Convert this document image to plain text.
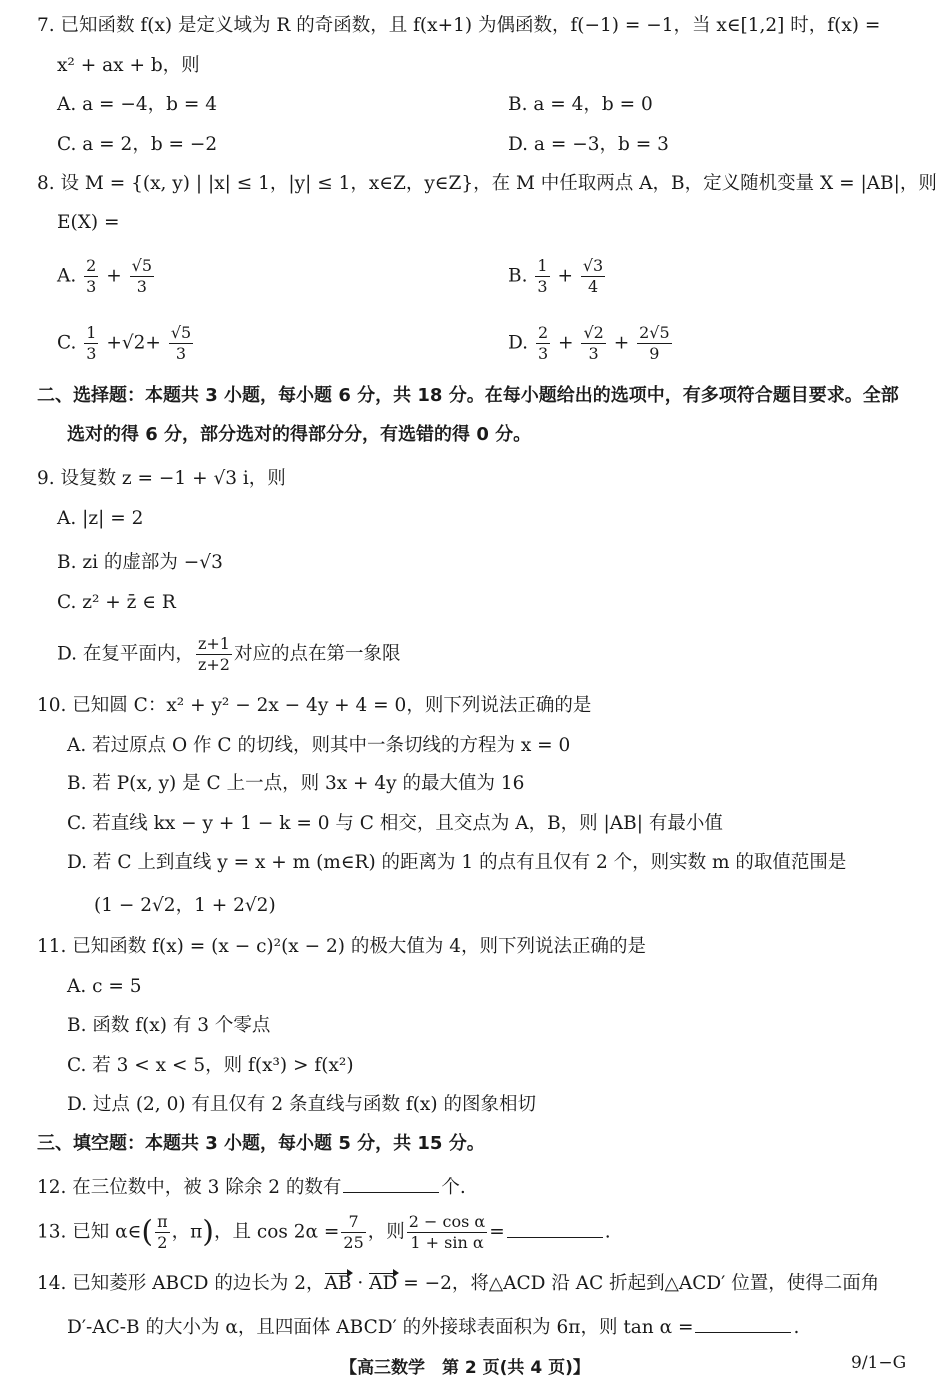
7. 已知函数 f(x) 是定义域为 R 的奇函数，且 f(x+1) 为偶函数，f(−1) = −1，当 x∈[1,2] 时，f(x) =
x² + ax + b，则
A. a = −4，b = 4	B. a = 4，b = 0
C. a = 2，b = −2	D. a = −3，b = 3
8. 设 M = {(x, y) | |x| ≤ 1，|y| ≤ 1，x∈Z，y∈Z}，在 M 中任取两点 A，B，定义随机变量 X = |AB|，则
E(X) =
A. $\frac{2}{3} + \frac{√5}{3}$	B. $\frac{1}{3} + \frac{√3}{4}$
C. $\frac{1}{3} +√2+ \frac{√5}{3}$	D. $\frac{2}{3} + \frac{√2}{3} + \frac{2√5}{9}$
二、选择题：本题共 3 小题，每小题 6 分，共 18 分。在每小题给出的选项中，有多项符合题目要求。全部
选对的得 6 分，部分选对的得部分分，有选错的得 0 分。
9. 设复数 z = −1 + √3 i，则
A. |z| = 2
B. zi 的虚部为 −√3
C. z² + z̄ ∈ R
D. 在复平面内， $\frac{z+1}{z+2}$ 对应的点在第一象限
10. 已知圆 C：x² + y² − 2x − 4y + 4 = 0，则下列说法正确的是
A. 若过原点 O 作 C 的切线，则其中一条切线的方程为 x = 0
B. 若 P(x, y) 是 C 上一点，则 3x + 4y 的最大值为 16
C. 若直线 kx − y + 1 − k = 0 与 C 相交，且交点为 A，B，则 |AB| 有最小值
D. 若 C 上到直线 y = x + m (m∈R) 的距离为 1 的点有且仅有 2 个，则实数 m 的取值范围是
(1 − 2√2，1 + 2√2)
11. 已知函数 f(x) = (x − c)²(x − 2) 的极大值为 4，则下列说法正确的是
A. c = 5
B. 函数 f(x) 有 3 个零点
C. 若 3 < x < 5，则 f(x³) > f(x²)
D. 过点 (2, 0) 有且仅有 2 条直线与函数 f(x) 的图象相切
三、填空题：本题共 3 小题，每小题 5 分，共 15 分。
12. 在三位数中，被 3 除余 2 的数有	个.
13. 已知 α∈( $\frac{\pi}{2}$ ，π)，且 $\cos 2\alpha = \frac{7}{25}$ ，则 $\frac{\text{2 − cos α}}{\text{1 + sin α}}$ =	.
14. 已知菱形 ABCD 的边长为 2，AB · AD = −2，将△ACD 沿 AC 折起到△ACD′ 位置，使得二面角
D′-AC-B 的大小为 α，且四面体 ABCD′ 的外接球表面积为 6π，则 tan α =	.
【高三数学　第 2 页(共 4 页)】	9/1−G
